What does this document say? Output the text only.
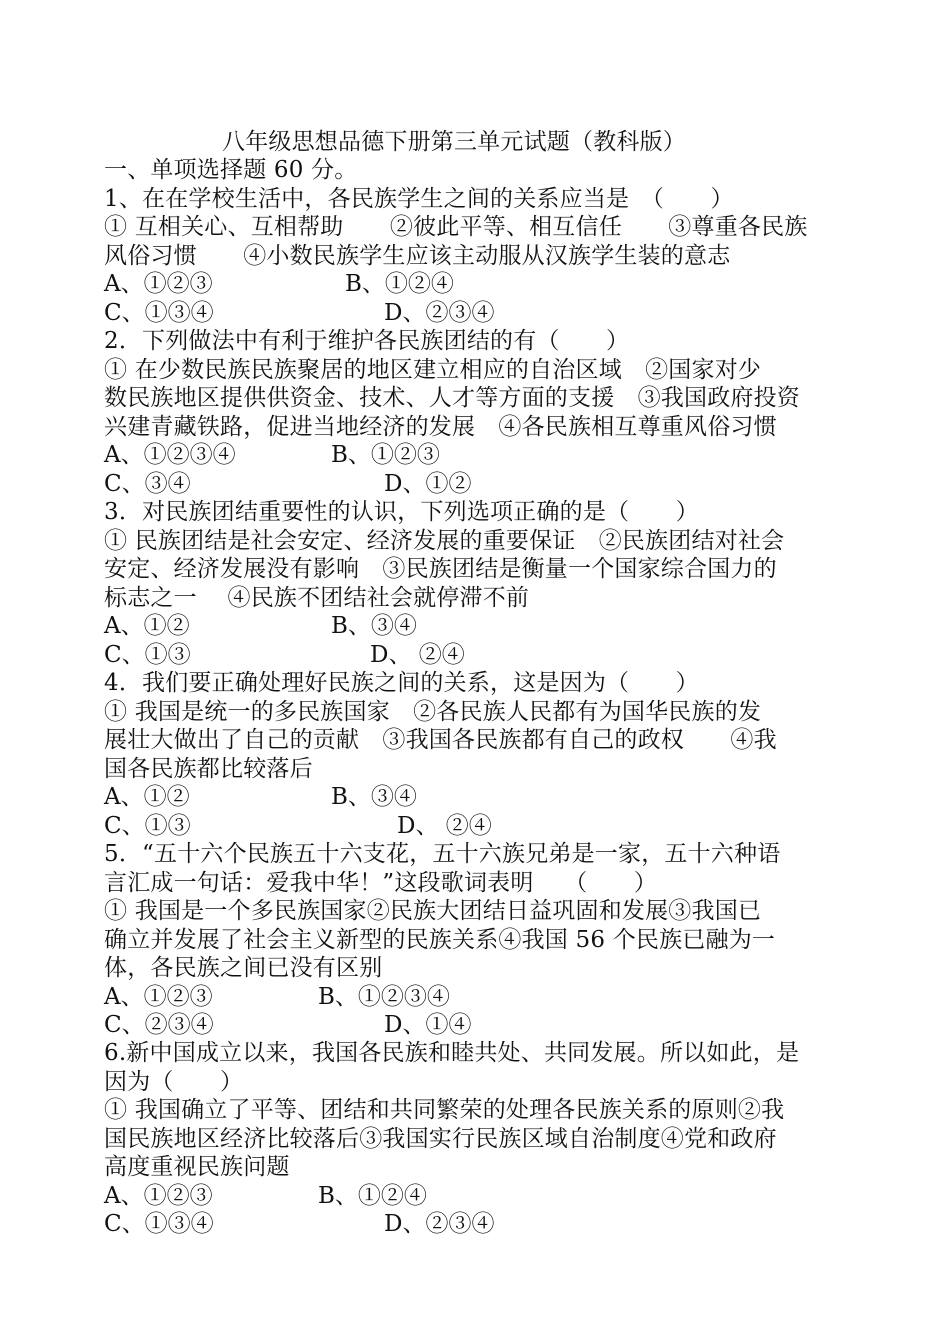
八年级思想品德下册第三单元试题（教科版）
一、单项选择题 60 分。
1、在在学校生活中，各民族学生之间的关系应当是　（　　）
① 互相关心、互相帮助　　②彼此平等、相互信任　　③尊重各民族
风俗习惯　　④小数民族学生应该主动服从汉族学生装的意志
A、①②③	B、①②④
C、①③④	D、②③④
2．下列做法中有利于维护各民族团结的有（　　）
① 在少数民族民族聚居的地区建立相应的自治区域　②国家对少
数民族地区提供供资金、技术、人才等方面的支援　③我国政府投资
兴建青藏铁路，促进当地经济的发展　④各民族相互尊重风俗习惯
A、①②③④	B、①②③
C、③④	D、①②
3．对民族团结重要性的认识，下列选项正确的是（　　）
① 民族团结是社会安定、经济发展的重要保证　②民族团结对社会
安定、经济发展没有影响　③民族团结是衡量一个国家综合国力的
标志之一　 ④民族不团结社会就停滞不前
A、①②	B、③④
C、①③	D、 ②④
4．我们要正确处理好民族之间的关系，这是因为（　　）
① 我国是统一的多民族国家　②各民族人民都有为国华民族的发
展壮大做出了自己的贡献　③我国各民族都有自己的政权　　④我
国各民族都比较落后
A、①②	B、③④
C、①③	D、 ②④
5．“五十六个民族五十六支花，五十六族兄弟是一家，五十六种语
言汇成一句话：爱我中华！”这段歌词表明　 （　　）
① 我国是一个多民族国家②民族大团结日益巩固和发展③我国已
确立并发展了社会主义新型的民族关系④我国 56 个民族已融为一
体，各民族之间已没有区别
A、①②③	B、①②③④
C、②③④	D、①④
6.新中国成立以来，我国各民族和睦共处、共同发展。所以如此，是
因为（　　）
① 我国确立了平等、团结和共同繁荣的处理各民族关系的原则②我
国民族地区经济比较落后③我国实行民族区域自治制度④党和政府
高度重视民族问题
A、①②③	B、①②④
C、①③④	D、②③④
